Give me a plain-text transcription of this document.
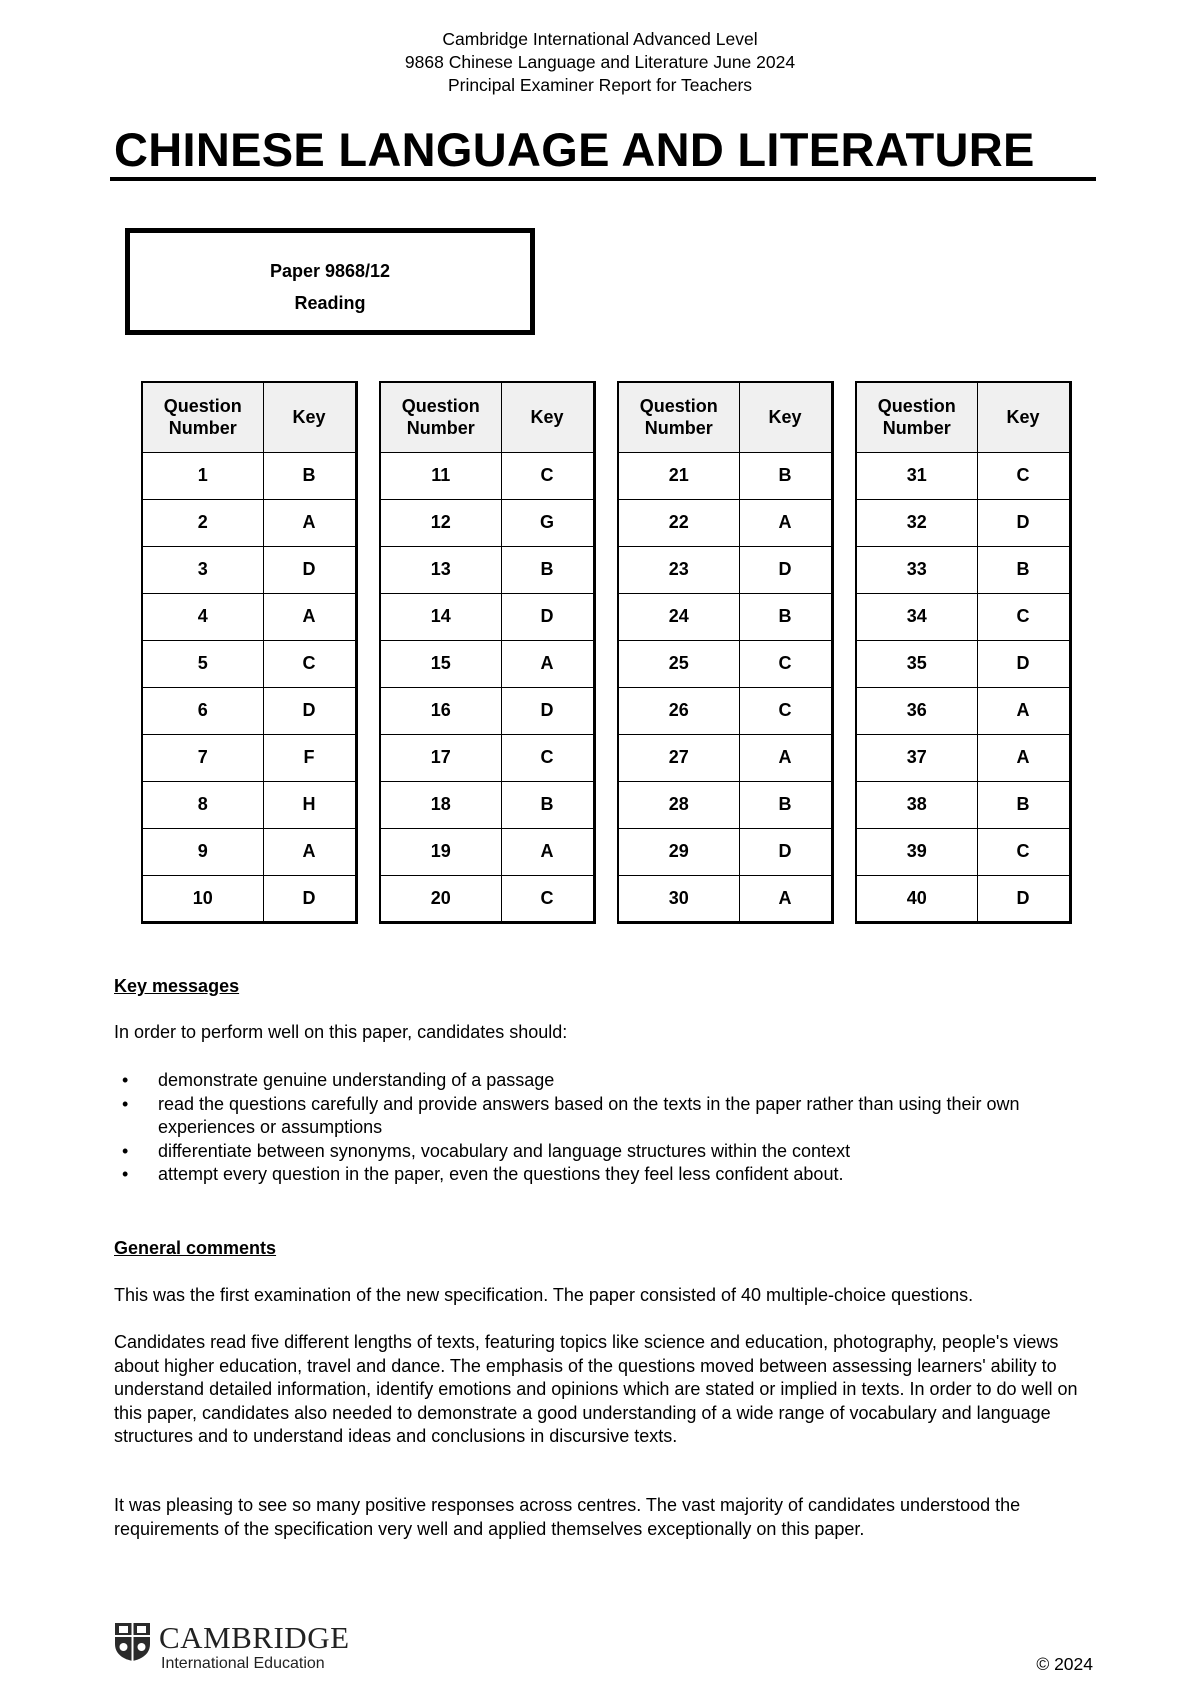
Cambridge International Advanced Level
9868 Chinese Language and Literature June 2024
Principal Examiner Report for Teachers
CHINESE LANGUAGE AND LITERATURE
Paper 9868/12
Reading
Question
Number	Key
1	B
2	A
3	D
4	A
5	C
6	D
7	F
8	H
9	A
10	D
Question
Number	Key
11	C
12	G
13	B
14	D
15	A
16	D
17	C
18	B
19	A
20	C
Question
Number	Key
21	B
22	A
23	D
24	B
25	C
26	C
27	A
28	B
29	D
30	A
Question
Number	Key
31	C
32	D
33	B
34	C
35	D
36	A
37	A
38	B
39	C
40	D
Key messages
In order to perform well on this paper, candidates should:
• demonstrate genuine understanding of a passage
• read the questions carefully and provide answers based on the texts in the paper rather than using their own experiences or assumptions
• differentiate between synonyms, vocabulary and language structures within the context
• attempt every question in the paper, even the questions they feel less confident about.
General comments
This was the first examination of the new specification. The paper consisted of 40 multiple-choice questions.
Candidates read five different lengths of texts, featuring topics like science and education, photography, people's views about higher education, travel and dance. The emphasis of the questions moved between assessing learners' ability to understand detailed information, identify emotions and opinions which are stated or implied in texts. In order to do well on this paper, candidates also needed to demonstrate a good understanding of a wide range of vocabulary and language structures and to understand ideas and conclusions in discursive texts.
It was pleasing to see so many positive responses across centres. The vast majority of candidates understood the requirements of the specification very well and applied themselves exceptionally on this paper.
CAMBRIDGE
International Education	© 2024
